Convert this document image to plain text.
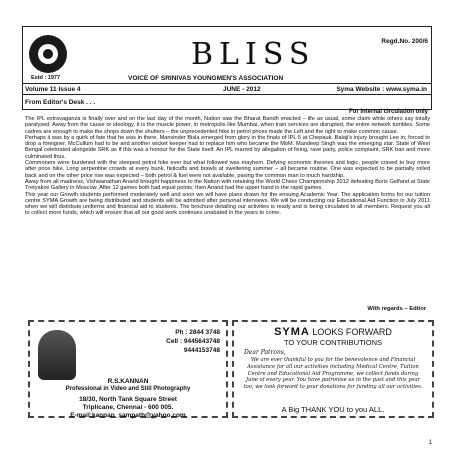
Estd : 1977
BLISS
VOICE OF SRINIVAS YOUNGMEN'S ASSOCIATION
Volume 11 Issue 4	JUNE - 2012	Syma Website : www.syma.in
From Editor's Desk . . .
Regd.No. 200/6
For internal circulation only

The IPL extravaganza is finally over and on the last day of the month, Nation saw the Bharat Bandh enacted – life as usual, some claim while others say totally paralysed. Away from the cause or ideology, it is the muscle power, in metropolis like Mumbai, when train services are disrupted, the entire network tumbles. Some cadres are enough to make the shops down the shutters – the unprecedented hike in petrol prices made the Left and the right to make common cause.

Perhaps it was by a quirk of fate that he was in there, Manvinder Bisla emerged from glory in the finals of IPL 5 at Chepauk. Balaji's injury brought Lee in; forced to drop a foreigner, McCullum had to be and another wicket keeper had to replace him who became the MoM. Mandeep Singh was the emerging star. State of West Bengal celebrated alongside SRK as if this was a honour for the State itself. An IPL marred by allegation of fixing, rave party, police complaint, SRK ban and more culminated thus.

Commoners were burdened with the steepest petrol hike ever but what followed was mayhem. Defying economic theories and logic, people craved to buy more after price hike. Long serpentine crowds at every bunk, fisticuffs and brawls at sweltering summer – all became routine. One was expected to be partially rolled back and on the other price rise was expected – both petrol & fuel were not available, paving the common man to much hardship.

Away from all madness, Vishwanathan Anand brought happiness to the Nation with retaining the World Chess Championship 2012 defeating Boris Gelfand at State Tretyakov Gallery in Moscow. After 12 games both had equal points; then Anand had the upper hand in the rapid games.

This year our Growth students performed moderately well and soon we will have plans drawn for the ensuing Academic Year. The application forms for our tuition centre SYMA Growth are being distributed and students will be admitted after personal interviews. We will be conducting our Educational Aid Function in July 2011 when we will distribute uniforms and financial aid to students. The brochure detailing our activities is ready and is being circulated to all members. Request you all to collect more funds, which will ensure that all our good work continues unabated in the years to come.

With regards – Editor
Ph : 2844 3748
Cell : 9445643748
9444153748
R.S.KANNAN
Professional in Video and Still Photography
18/30, North Tank Square Street
Triplicane, Chennai - 600 005.
E-mail:kannan_sampath@yahoo.com
SYMA LOOKS FORWARD
TO YOUR CONTRIBUTIONS
Dear Patrons,
We are ever thankful to you for the benevolence and Financial Assistance for all our activities including Medical Centre, Tuition Centre and Educational Aid Programme, we collect funds during June of every year. You have patronise us in the past and this year too, we look forward to your donations for funding all our activities.
A Big THANK YOU to you ALL.
1
